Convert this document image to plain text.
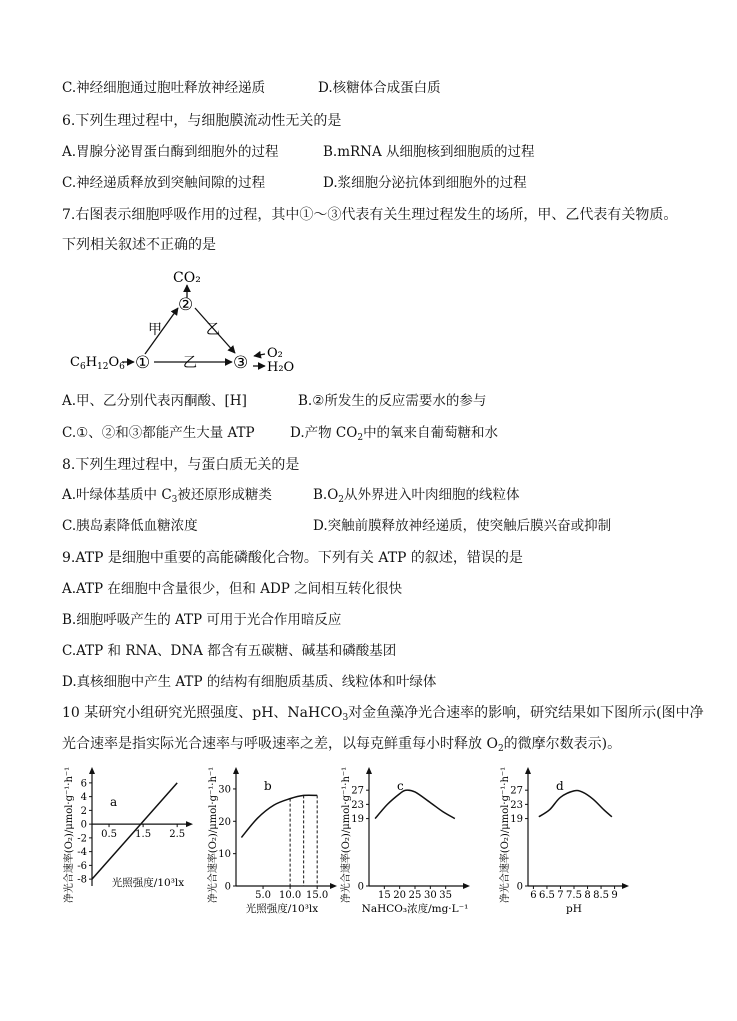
C.神经细胞通过胞吐释放神经递质	D.核糖体合成蛋白质
6.下列生理过程中，与细胞膜流动性无关的是
A.胃腺分泌胃蛋白酶到细胞外的过程	B.mRNA 从细胞核到细胞质的过程
C.神经递质释放到突触间隙的过程	D.浆细胞分泌抗体到细胞外的过程
7.右图表示细胞呼吸作用的过程，其中①～③代表有关生理过程发生的场所，甲、乙代表有关物质。
下列相关叙述不正确的是
CO₂
②
甲	乙
$C_6H_{12}O_6$ ① 乙 ③ O₂
H₂O
A.甲、乙分别代表丙酮酸、[H]	B.②所发生的反应需要水的参与
C.①、②和③都能产生大量 ATP	D.产物 $CO_2$中的氧来自葡萄糖和水
8.下列生理过程中，与蛋白质无关的是
A.叶绿体基质中 $C_3$被还原形成糖类	$B.O_2$从外界进入叶肉细胞的线粒体
C.胰岛素降低血糖浓度	D.突触前膜释放神经递质，使突触后膜兴奋或抑制
9.ATP 是细胞中重要的高能磷酸化合物。下列有关 ATP 的叙述，错误的是
A.ATP 在细胞中含量很少，但和 ADP 之间相互转化很快
B.细胞呼吸产生的 ATP 可用于光合作用暗反应
C.ATP 和 RNA、DNA 都含有五碳糖、碱基和磷酸基团
D.真核细胞中产生 ATP 的结构有细胞质基质、线粒体和叶绿体
10 某研究小组研究光照强度、pH、NaHCO$_3$对金鱼藻净光合速率的影响，研究结果如下图所示(图中净
光合速率是指实际光合速率与呼吸速率之差，以每克鲜重每小时释放 $O_2$的微摩尔数表示)。
6
4
2
0
-2
-4
-6
-8
0.5 1.5 2.5
a
光照强度/10³lx
净光合速率(O₂)/μmol·g⁻¹·h⁻¹	30
20
10
0
5.0 10.0 15.0
b
光照强度/10³lx
净光合速率(O₂)/μmol·g⁻¹·h⁻¹	27
23
19
0
15 20 25 30 35
c
NaHCO₃浓度/mg·L⁻¹
净光合速率(O₂)/μmol·g⁻¹·h⁻¹	27
23
19
0
6 6.5 7 7.5 8 8.5 9
d
pH
净光合速率(O₂)/μmol·g⁻¹·h⁻¹
